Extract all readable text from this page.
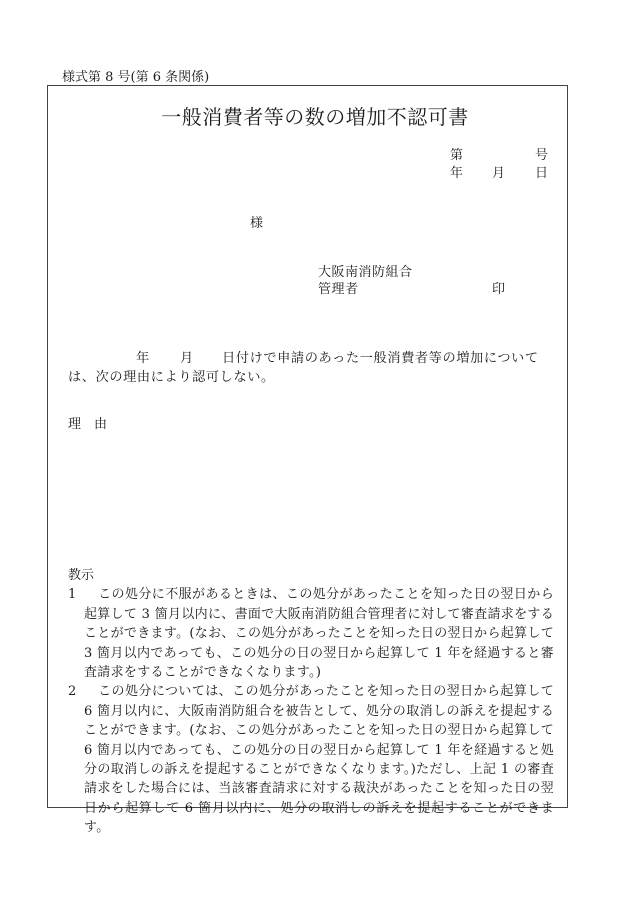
様式第 8 号(第 6 条関係)
一般消費者等の数の増加不認可書
第	号
年 月 日
様
大阪南消防組合
管理者	印
年 月 日付けで申請のあった一般消費者等の増加について
は、次の理由により認可しない。
理　由
教示
1	この処分に不服があるときは、この処分があったことを知った日の翌日から起算して 3 箇月以内に、書面で大阪南消防組合管理者に対して審査請求をすることができます。(なお、この処分があったことを知った日の翌日から起算して 3 箇月以内であっても、この処分の日の翌日から起算して 1 年を経過すると審査請求をすることができなくなります。)
2	この処分については、この処分があったことを知った日の翌日から起算して 6 箇月以内に、大阪南消防組合を被告として、処分の取消しの訴えを提起することができます。(なお、この処分があったことを知った日の翌日から起算して 6 箇月以内であっても、この処分の日の翌日から起算して 1 年を経過すると処分の取消しの訴えを提起することができなくなります。)ただし、上記 1 の審査請求をした場合には、当該審査請求に対する裁決があったことを知った日の翌日から起算して 6 箇月以内に、処分の取消しの訴えを提起することができます。
